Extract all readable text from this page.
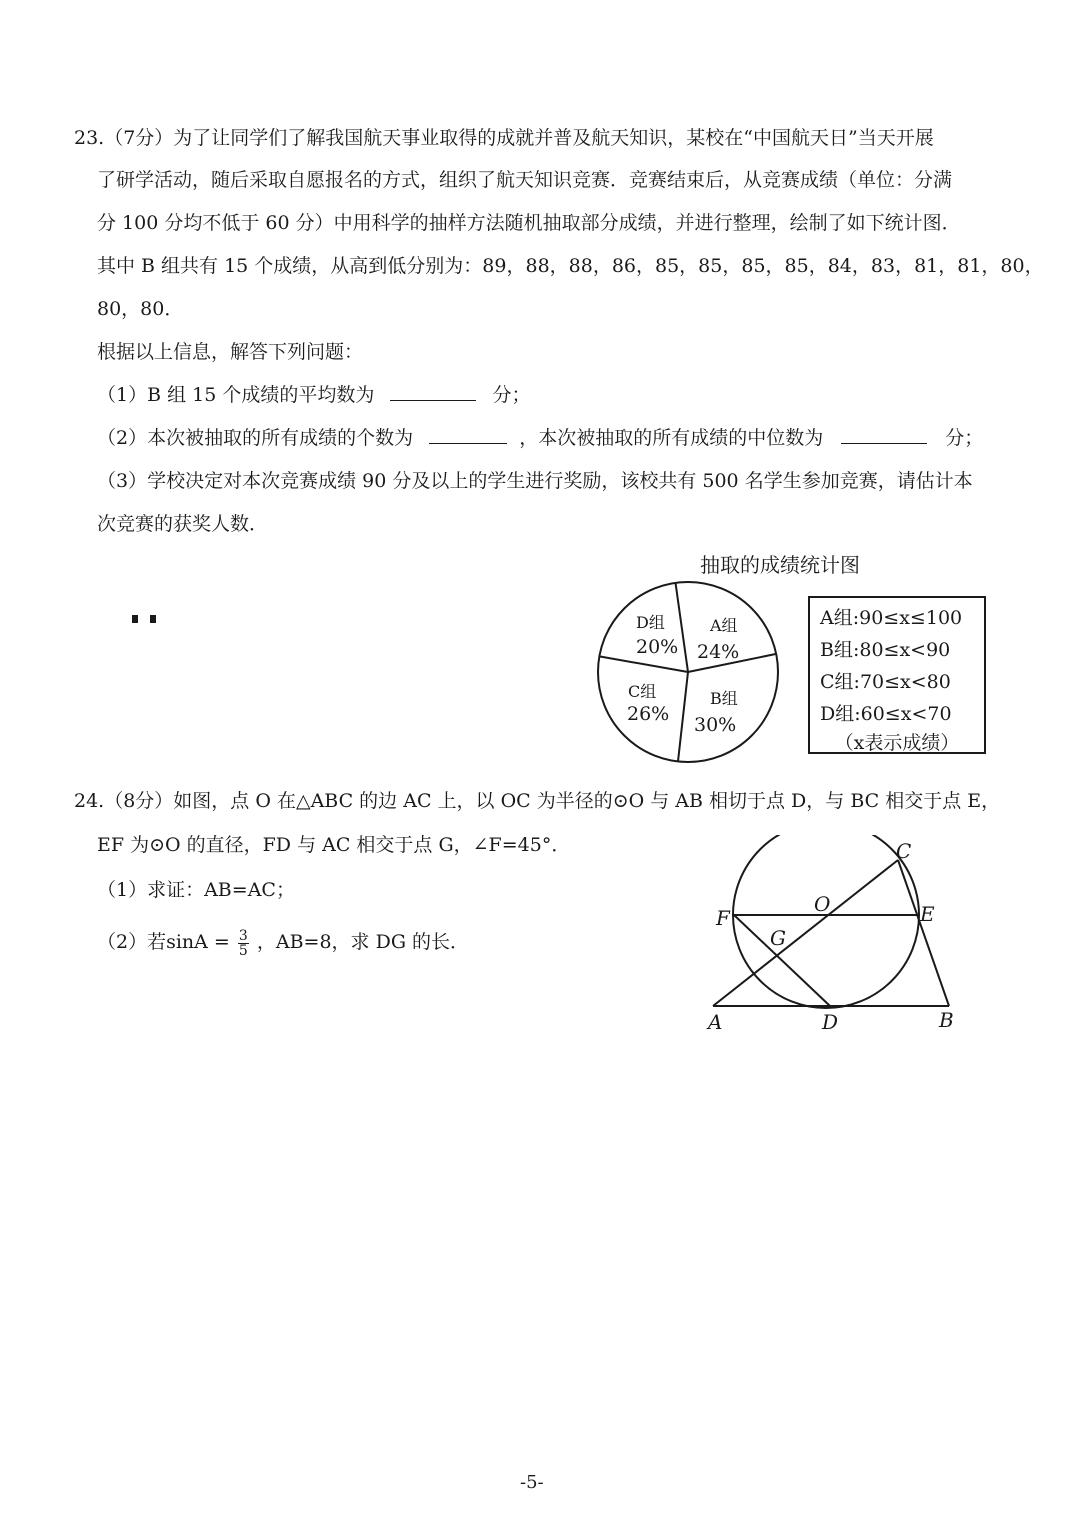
23.（7分）为了让同学们了解我国航天事业取得的成就并普及航天知识，某校在“中国航天日”当天开展
了研学活动，随后采取自愿报名的方式，组织了航天知识竞赛．竞赛结束后，从竞赛成绩（单位：分满
分 100 分均不低于 60 分）中用科学的抽样方法随机抽取部分成绩，并进行整理，绘制了如下统计图．
其中 B 组共有 15 个成绩，从高到低分别为：89，88，88，86，85，85，85，85，84，83，81，81，80，
80，80．
根据以上信息，解答下列问题：
（1）B 组 15 个成绩的平均数为	分；
（2）本次被抽取的所有成绩的个数为	，本次被抽取的所有成绩的中位数为	分；
（3）学校决定对本次竞赛成绩 90 分及以上的学生进行奖励，该校共有 500 名学生参加竞赛，请估计本
次竞赛的获奖人数．
抽取的成绩统计图
A组
24%
B组
30%
C组
26%
D组
20%
A组:90≤x≤100
B组:80≤x<90
C组:70≤x<80
D组:60≤x<70
（x表示成绩）
24.（8分）如图，点 O 在△ABC 的边 AC 上，以 OC 为半径的⊙O 与 AB 相切于点 D，与 BC 相交于点 E，
EF 为⊙O 的直径，FD 与 AC 相交于点 G，∠F=45°．
（1）求证：AB=AC；
（2）若$\sin A = \frac{3}{5}$ ，AB=8，求 DG 的长．
C
O	E
F
G
A	D	B
-5-
